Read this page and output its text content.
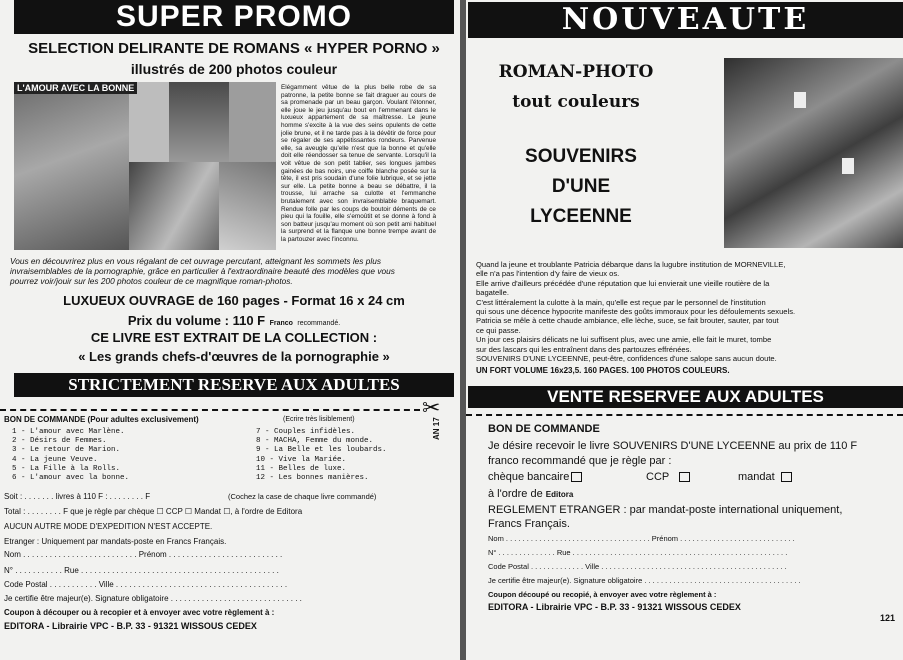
SUPER PROMO
SELECTION DELIRANTE DE ROMANS « HYPER PORNO »
illustrés de 200 photos couleur
L'AMOUR AVEC LA BONNE	Élégamment vêtue de la plus belle robe de sa patronne, la petite bonne se fait draguer au cours de sa promenade par un beau garçon. Voulant l'étonner, elle joue le jeu jusqu'au bout en l'emmenant dans le luxueux appartement de sa maîtresse. Le jeune homme s'excite à la vue des seins opulents de cette jolie brune, et il ne tarde pas à la dévêtir de force pour se régaler de ses appétissantes rondeurs. Parvenue elle, sa aveugle qu'elle n'est que la bonne et qu'elle doit elle réendosser sa tenue de servante. Lorsqu'il la voit vêtue de son petit tablier, ses longues jambes gainées de bas noirs, une coiffe blanche posée sur la tête, il est pris soudain d'une folie lubrique, et se jette sur elle. La petite bonne a beau se débattre, il la trousse, lui arrache sa culotte et l'emmanche brutalement avec son invraisemblable braquemart. Rendue folle par les coups de boutoir déments de ce pieu qui la fouille, elle s'emoûtit et se donne à fond à son batteur jusqu'au moment où son petit ami habituel la surprend et la flanque une bonne trempe avant de la partouzer avec l'inconnu.
Vous en découvrirez plus en vous régalant de cet ouvrage percutant, atteignant les sommets les plus
invraisemblables de la pornographie, grâce en particulier à l'extraordinaire beauté des modèles que vous
pourrez voir/jouir sur les 200 photos couleur de ce magnifique roman-photos.
LUXUEUX OUVRAGE de 160 pages - Format 16 x 24 cm
Prix du volume : 110 F Franco recommandé.
CE LIVRE EST EXTRAIT DE LA COLLECTION :
« Les grands chefs-d'œuvres de la pornographie »
STRICTEMENT RESERVE AUX ADULTES
✂
BON DE COMMANDE (Pour adultes exclusivement)	(Ecrire très lisiblement)
1 - L'amour avec Marlène.
2 - Désirs de Femmes.
3 - Le retour de Marion.
4 - La jeune Veuve.
5 - La Fille à la Rolls.
6 - L'amour avec la bonne.
7 - Couples infidèles.
8 - MACHA, Femme du monde.
9 - La Belle et les loubards.
10 - Vive la Mariée.
11 - Belles de luxe.
12 - Les bonnes manières.
AN 17
Soit : . . . . . . . livres à 110 F : . . . . . . . . F	(Cochez la case de chaque livre commandé)
Total : . . . . . . . . F que je règle par chèque ☐ CCP ☐ Mandat ☐, à l'ordre de Editora
AUCUN AUTRE MODE D'EXPEDITION N'EST ACCEPTE.
Etranger : Uniquement par mandats-poste en Francs Français.
Nom . . . . . . . . . . . . . . . . . . . . . . . . . . Prénom . . . . . . . . . . . . . . . . . . . . . . . . . .
N° . . . . . . . . . . . Rue . . . . . . . . . . . . . . . . . . . . . . . . . . . . . . . . . . . . . . . . . . . . .
Code Postal . . . . . . . . . . . Ville . . . . . . . . . . . . . . . . . . . . . . . . . . . . . . . . . . . . . . .
Je certifie être majeur(e). Signature obligatoire . . . . . . . . . . . . . . . . . . . . . . . . . . . . . .
Coupon à découper ou à recopier et à envoyer avec votre règlement à :
EDITORA - Librairie VPC - B.P. 33 - 91321 WISSOUS CEDEX
NOUVEAUTE
ROMAN-PHOTO
tout couleurs
SOUVENIRS
D'UNE
LYCEENNE
Quand la jeune et troublante Patricia débarque dans la lugubre institution de MORNEVILLE,
elle n'a pas l'intention d'y faire de vieux os.
Elle arrive d'ailleurs précédée d'une réputation que lui envierait une vieille routière de la
bagatelle.
C'est littéralement la culotte à la main, qu'elle est reçue par le personnel de l'institution
qui sous une décence hypocrite manifeste des goûts immoraux pour les défoulements sexuels.
Patricia se mêle à cette chaude ambiance, elle lèche, suce, se fait brouter, sauter, par tout
ce qui passe.
Un jour ces plaisirs délicats ne lui suffisent plus, avec une amie, elle fait le muret, tombe
sur des lascars qui les entraînent dans des partouzes effrénées.
SOUVENIRS D'UNE LYCEENNE, peut-être, confidences d'une salope sans aucun doute.
UN FORT VOLUME 16x23,5. 160 PAGES. 100 PHOTOS COULEURS.
VENTE RESERVEE AUX ADULTES
BON DE COMMANDE
Je désire recevoir le livre SOUVENIRS D'UNE LYCEENNE au prix de 110 F
franco recommandé que je règle par :
chèque bancaire	CCP	mandat
à l'ordre de Editora
REGLEMENT ETRANGER : par mandat-poste international uniquement,
Francs Français.
Nom . . . . . . . . . . . . . . . . . . . . . . . . . . . . . . . . . . . Prénom . . . . . . . . . . . . . . . . . . . . . . . . . . . .
N° . . . . . . . . . . . . . . Rue . . . . . . . . . . . . . . . . . . . . . . . . . . . . . . . . . . . . . . . . . . . . . . . . . . . .
Code Postal . . . . . . . . . . . . . Ville . . . . . . . . . . . . . . . . . . . . . . . . . . . . . . . . . . . . . . . . . . . . .
Je certifie être majeur(e). Signature obligatoire . . . . . . . . . . . . . . . . . . . . . . . . . . . . . . . . . . . . . .
Coupon découpé ou recopié, à envoyer avec votre règlement à :
EDITORA - Librairie VPC - B.P. 33 - 91321 WISSOUS CEDEX
121
